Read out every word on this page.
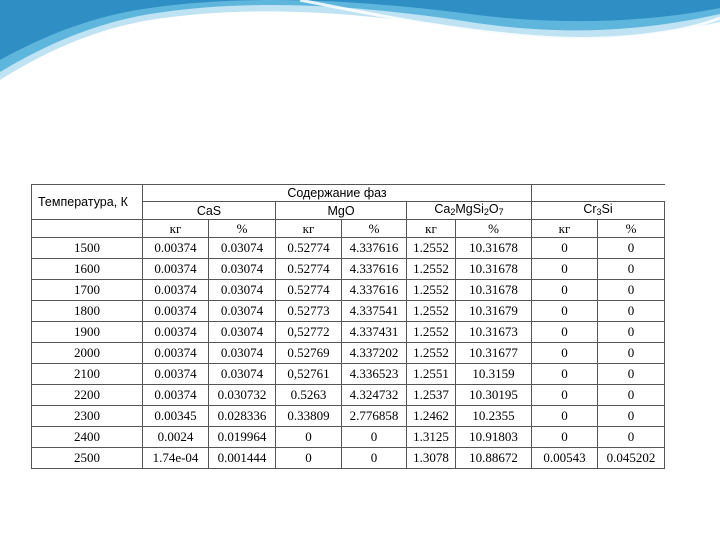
Температура, К	Содержание фаз							
	CaS		MgO		$Ca_2MgSi_2O_7$		$Cr_3Si$	
	кг	%	кг	%	кг	%	кг	%
1500	0.00374	0.03074	0.52774	4.337616	1.2552	10.31678	0	0
1600	0.00374	0.03074	0.52774	4.337616	1.2552	10.31678	0	0
1700	0.00374	0.03074	0.52774	4.337616	1.2552	10.31678	0	0
1800	0.00374	0.03074	0.52773	4.337541	1.2552	10.31679	0	0
1900	0.00374	0.03074	0,52772	4.337431	1.2552	10.31673	0	0
2000	0.00374	0.03074	0.52769	4.337202	1.2552	10.31677	0	0
2100	0.00374	0.03074	0,52761	4.336523	1.2551	10.3159	0	0
2200	0.00374	0.030732	0.5263	4.324732	1.2537	10.30195	0	0
2300	0.00345	0.028336	0.33809	2.776858	1.2462	10.2355	0	0
2400	0.0024	0.019964	0	0	1.3125	10.91803	0	0
2500	1.74e-04	0.001444	0	0	1.3078	10.88672	0.00543	0.045202
